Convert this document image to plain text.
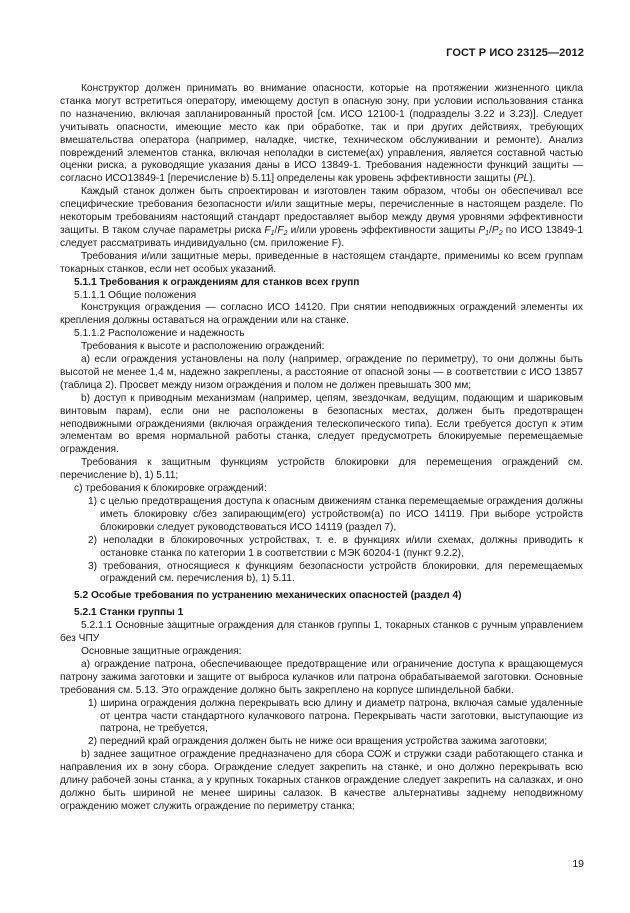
ГОСТ Р ИСО 23125—2012

Конструктор должен принимать во внимание опасности, которые на протяжении жизненного цикла станка могут встретиться оператору, имеющему доступ в опасную зону, при условии использования станка по назначению, включая запланированный простой [см. ИСО 12100-1 (подразделы 3.22 и 3.23)]. Следует учитывать опасности, имеющие место как при обработке, так и при других действиях, требующих вмешательства оператора (например, наладке, чистке, техническом обслуживании и ремонте). Анализ повреждений элементов станка, включая неполадки в системе(ах) управления, является составной частью оценки риска, а руководящие указания даны в ИСО 13849-1. Требования надежности функций защиты — согласно ИСО13849-1 [перечисление b) 5.11] определены как уровень эффективности защиты (PL).

Каждый станок должен быть спроектирован и изготовлен таким образом, чтобы он обеспечивал все специфические требования безопасности и/или защитные меры, перечисленные в настоящем разделе. По некоторым требованиям настоящий стандарт предоставляет выбор между двумя уровнями эффективности защиты. В таком случае параметры риска $F_1/F_2$ и/или уровень эффективности защиты $P_1/P_2$ по ИСО 13849-1 следует рассматривать индивидуально (см. приложение F).

Требования и/или защитные меры, приведенные в настоящем стандарте, применимы ко всем группам токарных станков, если нет особых указаний.

5.1.1 Требования к ограждениям для станков всех групп

5.1.1.1 Общие положения

Конструкция ограждения — согласно ИСО 14120. При снятии неподвижных ограждений элементы их крепления должны оставаться на ограждении или на станке.

5.1.1.2 Расположение и надежность

Требования к высоте и расположению ограждений:

а) если ограждения установлены на полу (например, ограждение по периметру), то они должны быть высотой не менее 1,4 м, надежно закреплены, а расстояние от опасной зоны — в соответствии с ИСО 13857 (таблица 2). Просвет между низом ограждения и полом не должен превышать 300 мм;

b) доступ к приводным механизмам (например, цепям, звездочкам, ведущим, подающим и шариковым винтовым парам), если они не расположены в безопасных местах, должен быть предотвращен неподвижными ограждениями (включая ограждения телескопического типа). Если требуется доступ к этим элементам во время нормальной работы станка, следует предусмотреть блокируемые перемещаемые ограждения.

Требования к защитным функциям устройств блокировки для перемещения ограждений см. перечисление b), 1) 5.11;

с) требования к блокировке ограждений:

1) с целью предотвращения доступа к опасным движениям станка перемещаемые ограждения должны иметь блокировку с/без запирающим(его) устройством(а) по ИСО 14119. При выборе устройств блокировки следует руководствоваться ИСО 14119 (раздел 7),

2) неполадки в блокировочных устройствах, т. е. в функциях и/или схемах, должны приводить к остановке станка по категории 1 в соответствии с МЭК 60204-1 (пункт 9.2.2),

3) требования, относящиеся к функциям безопасности устройств блокировки, для перемещаемых ограждений см. перечисления b), 1) 5.11.

5.2 Особые требования по устранению механических опасностей (раздел 4)

5.2.1 Станки группы 1

5.2.1.1 Основные защитные ограждения для станков группы 1, токарных станков с ручным управлением без ЧПУ

Основные защитные ограждения:

а) ограждение патрона, обеспечивающее предотвращение или ограничение доступа к вращающемуся патрону зажима заготовки и защите от выброса кулачков или патрона обрабатываемой заготовки. Основные требования см. 5.13. Это ограждение должно быть закреплено на корпусе шпиндельной бабки.

1) ширина ограждения должна перекрывать всю длину и диаметр патрона, включая самые удаленные от центра части стандартного кулачкового патрона. Перекрывать части заготовки, выступающие из патрона, не требуется,

2) передний край ограждения должен быть не ниже оси вращения устройства зажима заготовки;

b) заднее защитное ограждение предназначено для сбора СОЖ и стружки сзади работающего станка и направления их в зону сбора. Ограждение следует закрепить на станке, и оно должно перекрывать всю длину рабочей зоны станка, а у крупных токарных станков ограждение следует закрепить на салазках, и оно должно быть шириной не менее ширины салазок. В качестве альтернативы заднему неподвижному ограждению может служить ограждение по периметру станка;

19
